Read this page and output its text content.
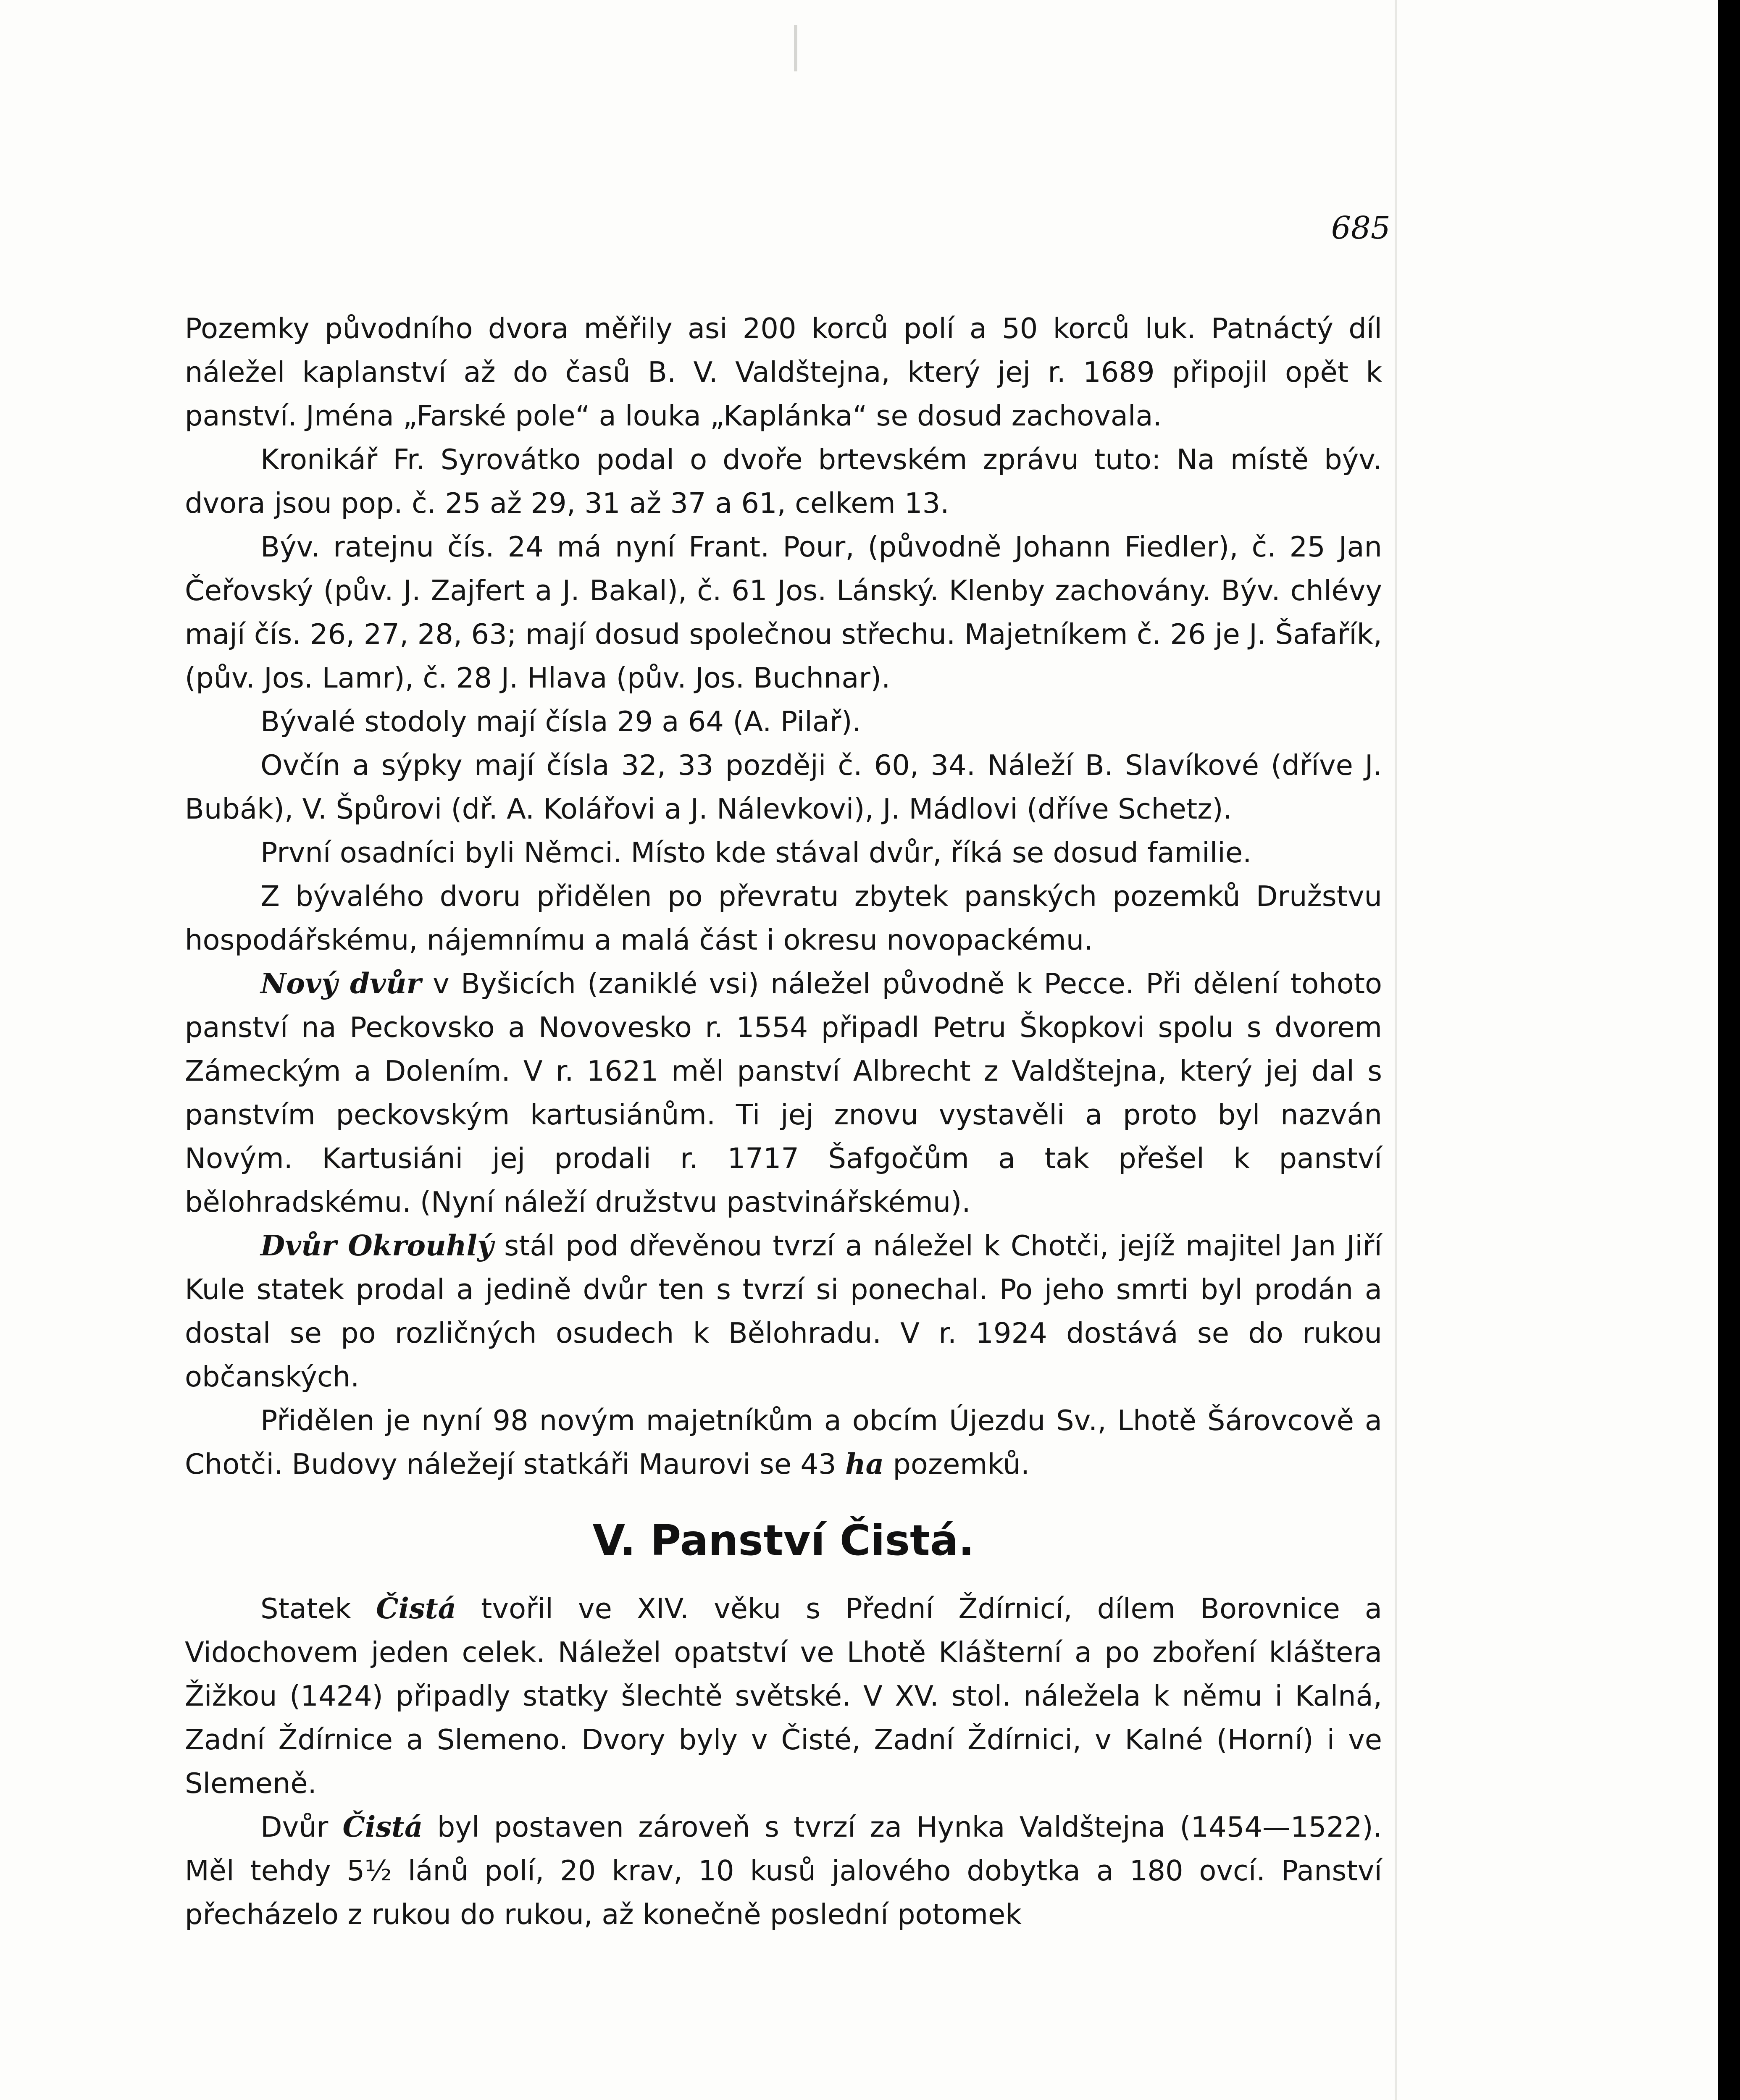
685

Pozemky původního dvora měřily asi 200 korců polí a 50 korců luk. Patnáctý díl náležel kaplanství až do časů B. V. Valdštejna, který jej r. 1689 připojil opět k panství. Jména „Farské pole“ a louka „Kaplánka“ se dosud zachovala.

Kronikář Fr. Syrovátko podal o dvoře brtevském zprávu tuto: Na místě býv. dvora jsou pop. č. 25 až 29, 31 až 37 a 61, celkem 13.

Býv. ratejnu čís. 24 má nyní Frant. Pour, (původně Johann Fiedler), č. 25 Jan Čeřovský (pův. J. Zajfert a J. Bakal), č. 61 Jos. Lánský. Klenby zachovány. Býv. chlévy mají čís. 26, 27, 28, 63; mají dosud společnou střechu. Majetníkem č. 26 je J. Šafařík, (pův. Jos. Lamr), č. 28 J. Hlava (pův. Jos. Buchnar).

Bývalé stodoly mají čísla 29 a 64 (A. Pilař).

Ovčín a sýpky mají čísla 32, 33 později č. 60, 34. Náleží B. Slavíkové (dříve J. Bubák), V. Špůrovi (dř. A. Kolářovi a J. Nálevkovi), J. Mádlovi (dříve Schetz).

První osadníci byli Němci. Místo kde stával dvůr, říká se dosud familie.

Z bývalého dvoru přidělen po převratu zbytek panských pozemků Družstvu hospodářskému, nájemnímu a malá část i okresu novopackému.

Nový dvůr v Byšicích (zaniklé vsi) náležel původně k Pecce. Při dělení tohoto panství na Peckovsko a Novovesko r. 1554 připadl Petru Škopkovi spolu s dvorem Zámeckým a Dolením. V r. 1621 měl panství Albrecht z Valdštejna, který jej dal s panstvím peckovským kartusiánům. Ti jej znovu vystavěli a proto byl nazván Novým. Kartusiáni jej prodali r. 1717 Šafgočům a tak přešel k panství bělohradskému. (Nyní náleží družstvu pastvinářskému).

Dvůr Okrouhlý stál pod dřevěnou tvrzí a náležel k Chotči, jejíž majitel Jan Jiří Kule statek prodal a jedině dvůr ten s tvrzí si ponechal. Po jeho smrti byl prodán a dostal se po rozličných osudech k Bělohradu. V r. 1924 dostává se do rukou občanských.

Přidělen je nyní 98 novým majetníkům a obcím Újezdu Sv., Lhotě Šárovcově a Chotči. Budovy náležejí statkáři Maurovi se 43 ha pozemků.

V. Panství Čistá.

Statek Čistá tvořil ve XIV. věku s Přední Ždírnicí, dílem Borovnice a Vidochovem jeden celek. Náležel opatství ve Lhotě Klášterní a po zboření kláštera Žižkou (1424) připadly statky šlechtě světské. V XV. stol. náležela k němu i Kalná, Zadní Ždírnice a Slemeno. Dvory byly v Čisté, Zadní Ždírnici, v Kalné (Horní) i ve Slemeně.

Dvůr Čistá byl postaven zároveň s tvrzí za Hynka Valdštejna (1454—1522). Měl tehdy 5½ lánů polí, 20 krav, 10 kusů jalového dobytka a 180 ovcí. Panství přecházelo z rukou do rukou, až konečně poslední potomek
